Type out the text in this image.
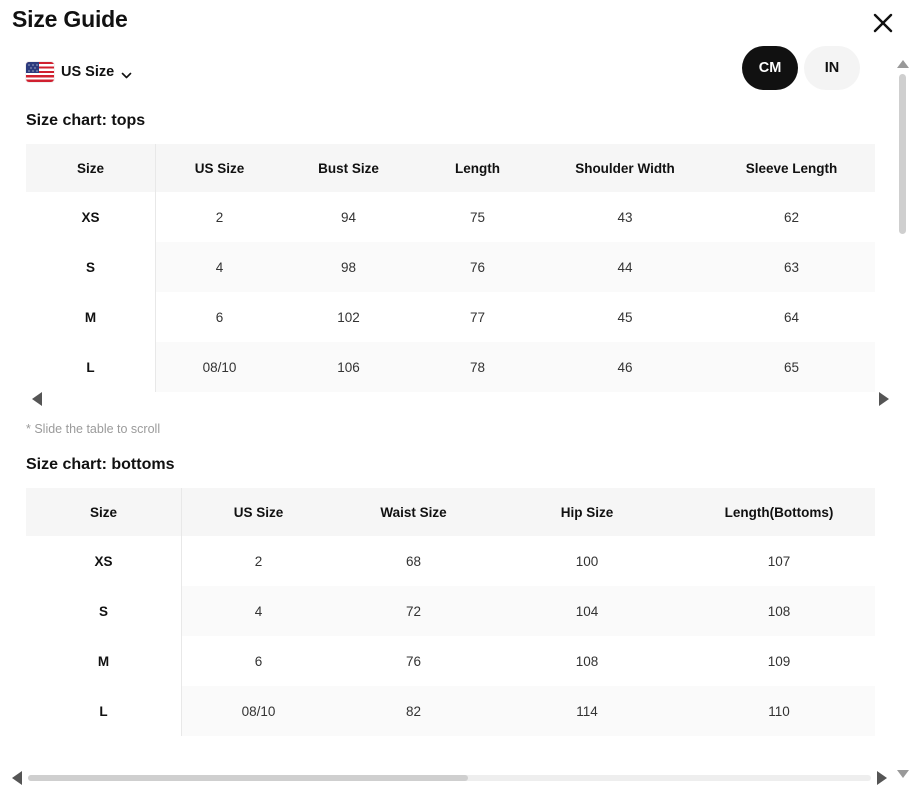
Size Guide
US Size	CM	IN
Size chart: tops
Size	US Size	Bust Size	Length	Shoulder Width	Sleeve Length
XS	2	94	75	43	62
S	4	98	76	44	63
M	6	102	77	45	64
L	08/10	106	78	46	65

* Slide the table to scroll

Size chart: bottoms
Size	US Size	Waist Size	Hip Size	Length(Bottoms)
XS	2	68	100	107
S	4	72	104	108
M	6	76	108	109
L	08/10	82	114	110
